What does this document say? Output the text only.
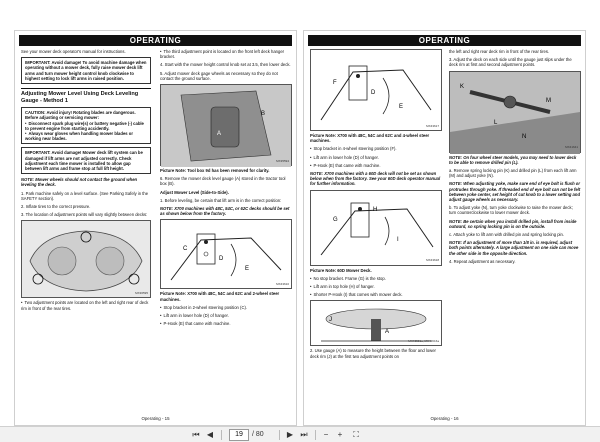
OPERATING

See your mower deck operator's manual for instructions.

IMPORTANT: Avoid damage! To avoid machine damage when operating without a mower deck, fully raise mower deck lift arms and turn mower height control knob clockwise to highest setting to lock lift arms in raised position.
Adjusting Mower Level Using Deck Leveling Gauge - Method 1
CAUTION: Avoid injury! Rotating blades are dangerous. Before adjusting or servicing mower:
• Disconnect spark plug wire(s) or battery negative (-) cable to prevent engine from starting accidently.
• Always wear gloves when handling mower blades or working near blades.
IMPORTANT: Avoid damage! Mower deck lift system can be damaged if lift arms are not adjusted correctly. Check adjustment each time mower is installed to allow gap between lift arms and frame stop at full lift height.

NOTE: Mower wheels should not contact the ground when leveling the deck.

1. Park machine safely on a level surface. (See Parking Safely in the SAFETY section).

2. Inflate tires to the correct pressure.

3. The location of adjustment points will vary slightly between decks:

MX36595

• Two adjustment points are located on the left and right rear of deck rim in front of the rear tires.

• The third adjustment point is located on the front left deck hanger bracket.

4. Start with the mower height control knob set at 3.5, then lower deck.

5. Adjust mower deck gage wheels as necessary so they do not contact the ground surface.

A
B
MX35594

Picture Note: Tool box 9d has been removed for clarity.

6. Remove the mower deck level gauge (A) stored in the tractor tool box (B).

Adjust Mower Level (Side-to-Side).

1. Before leveling, be certain that lift arm is in the correct position:

NOTE: X700 machines with 48C, 54C, or 62C decks should be set as shown below from the factory.

C
D
E
MX43610

Picture Note: X700 with 48C, 54C and 62C and 2-wheel steer machines.

• Stop bracket in 2-wheel steering position (C).

• Lift arm in lower hole (D) of hanger.

• P-Hook (E) that came with machine.

Operating - 15
OPERATING
F
D
E
MX43617

Picture Note: X700 with 48C, 54C and 62C and 4-wheel steer machines.

• Stop bracket in 4-wheel steering position (F).

• Lift arm in lower hole (D) of hanger.

• P-Hook (E) that came with machine.

NOTE: X700 machines with a 60D deck will not be set as shown below when from the factory. See your 60D deck operator manual for further information.

G
H
I
MX43618

Picture Note: 60D Mower Deck.

• No stop bracket. Frame (G) is the stop.

• Lift arm in top hole (H) of hanger.

• Shorter P-Hook (I) that comes with mower deck.

A
J
MX43591a, MX43616a

2. Use gauge (A) to measure the height between the floor and lower deck rim (J) at the first two adjustment points on

the left and right rear deck rim in front of the rear tires.

3. Adjust the deck on each side until the gauge just slips under the deck rim at first and second adjustment points.

K
L
M
N
MX41641

NOTE: On four wheel steer models, you may need to lower deck to be able to remove drilled pin (L).

a. Remove spring locking pin (K) and drilled pin (L) from each lift arm (M) and adjust yoke (N).

NOTE: When adjusting yoke, make sure end of eye bolt is flush or protrudes through yoke. If threaded end of eye bolt can not be felt between yoke center, set height of cut knob to a lower setting and adjust gauge wheels as necessary.

b. To adjust yoke (N), turn yoke clockwise to raise the mower deck; turn counterclockwise to lower mower deck.

NOTE: Be certain when you install drilled pin, install from inside outward, so spring locking pin is on the outside.

c. Attach yoke to lift arm with drilled pin and spring locking pin.

NOTE: If an adjustment of more than 1/8 in. is required, adjust both points alternately. A large adjustment on one side can move the other side in the opposite direction.

4. Repeat adjustment as necessary.

Operating - 16
⏮ ◀	19	/ 80	▶ ⏭	−	+	⛶
